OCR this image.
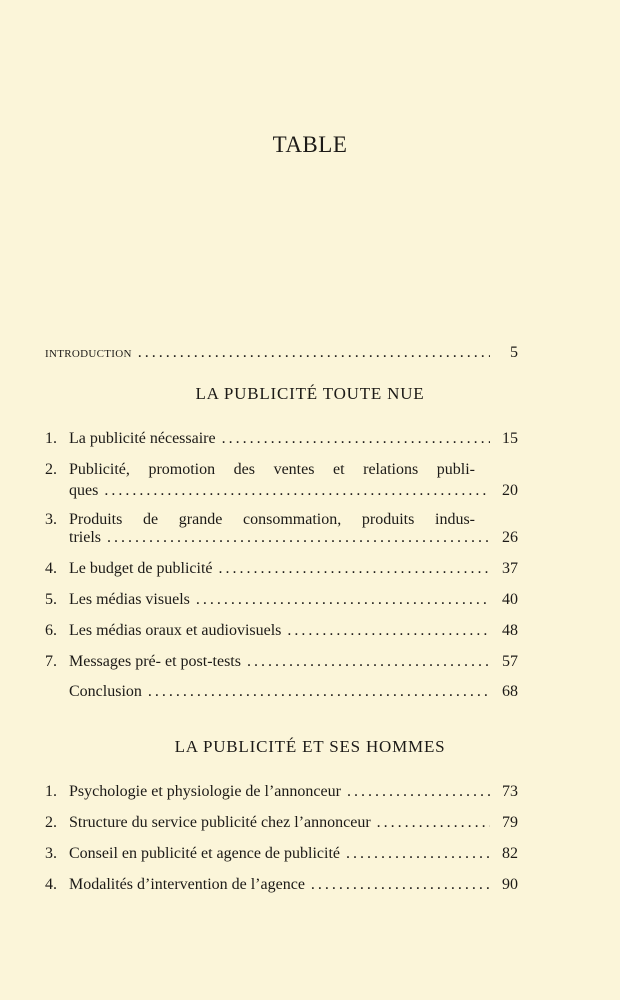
TABLE
INTRODUCTION .....	5
LA PUBLICITÉ TOUTE NUE
1. La publicité nécessaire .....	15
2. Publicité, promotion des ventes et relations publi-
ques .....	20
3. Produits de grande consommation, produits indus-
triels .....	26
4. Le budget de publicité .....	37
5. Les médias visuels .....	40
6. Les médias oraux et audiovisuels .....	48
7. Messages pré- et post-tests .....	57
Conclusion .....	68
LA PUBLICITÉ ET SES HOMMES
1. Psychologie et physiologie de l’annonceur .....	73
2. Structure du service publicité chez l’annonceur .....	79
3. Conseil en publicité et agence de publicité .....	82
4. Modalités d’intervention de l’agence .....	90
